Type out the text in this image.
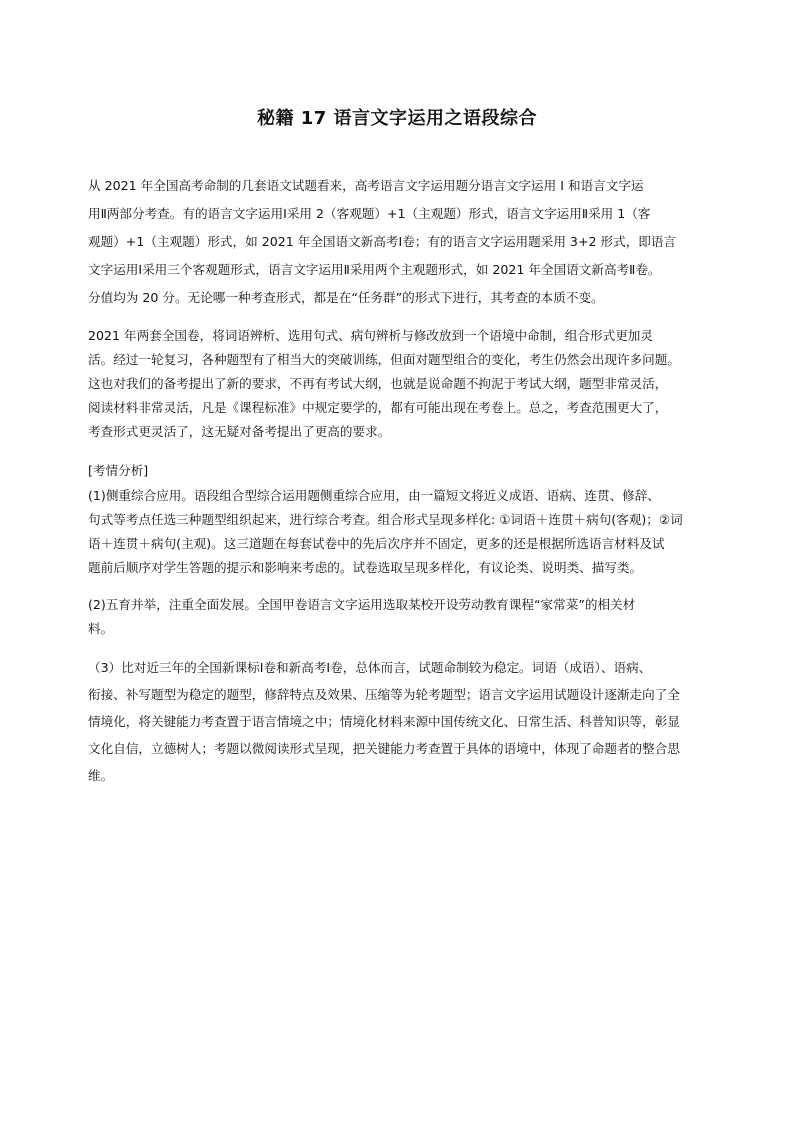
秘籍 17 语言文字运用之语段综合
从 2021 年全国高考命制的几套语文试题看来，高考语言文字运用题分语言文字运用 Ⅰ 和语言文字运
用Ⅱ两部分考查。有的语言文字运用Ⅰ采用 2（客观题）+1（主观题）形式，语言文字运用Ⅱ采用 1（客
观题）+1（主观题）形式，如 2021 年全国语文新高考Ⅰ卷；有的语言文字运用题采用 3+2 形式，即语言
文字运用Ⅰ采用三个客观题形式，语言文字运用Ⅱ采用两个主观题形式，如 2021 年全国语文新高考Ⅱ卷。
分值均为 20 分。无论哪一种考查形式，都是在“任务群”的形式下进行，其考查的本质不变。
2021 年两套全国卷，将词语辨析、选用句式、病句辨析与修改放到一个语境中命制，组合形式更加灵
活。经过一轮复习，各种题型有了相当大的突破训练，但面对题型组合的变化，考生仍然会出现许多问题。
这也对我们的备考提出了新的要求，不再有考试大纲，也就是说命题不拘泥于考试大纲，题型非常灵活，
阅读材料非常灵活，凡是《课程标准》中规定要学的，都有可能出现在考卷上。总之，考查范围更大了，
考查形式更灵活了，这无疑对备考提出了更高的要求。
[考情分析]
(1)侧重综合应用。语段组合型综合运用题侧重综合应用，由一篇短文将近义成语、语病、连贯、修辞、
句式等考点任选三种题型组织起来，进行综合考查。组合形式呈现多样化: ①词语＋连贯＋病句(客观)；②词
语＋连贯＋病句(主观)。这三道题在每套试卷中的先后次序并不固定，更多的还是根据所选语言材料及试
题前后顺序对学生答题的提示和影响来考虑的。试卷选取呈现多样化，有议论类、说明类、描写类。
(2)五育并举，注重全面发展。全国甲卷语言文字运用选取某校开设劳动教育课程“家常菜”的相关材
料。
（3）比对近三年的全国新课标Ⅰ卷和新高考Ⅰ卷，总体而言，试题命制较为稳定。词语（成语）、语病、
衔接、补写题型为稳定的题型，修辞特点及效果、压缩等为轮考题型；语言文字运用试题设计逐渐走向了全
情境化，将关键能力考查置于语言情境之中；情境化材料来源中国传统文化、日常生活、科普知识等，彰显
文化自信，立德树人；考题以微阅读形式呈现，把关键能力考查置于具体的语境中，体现了命题者的整合思
维。
